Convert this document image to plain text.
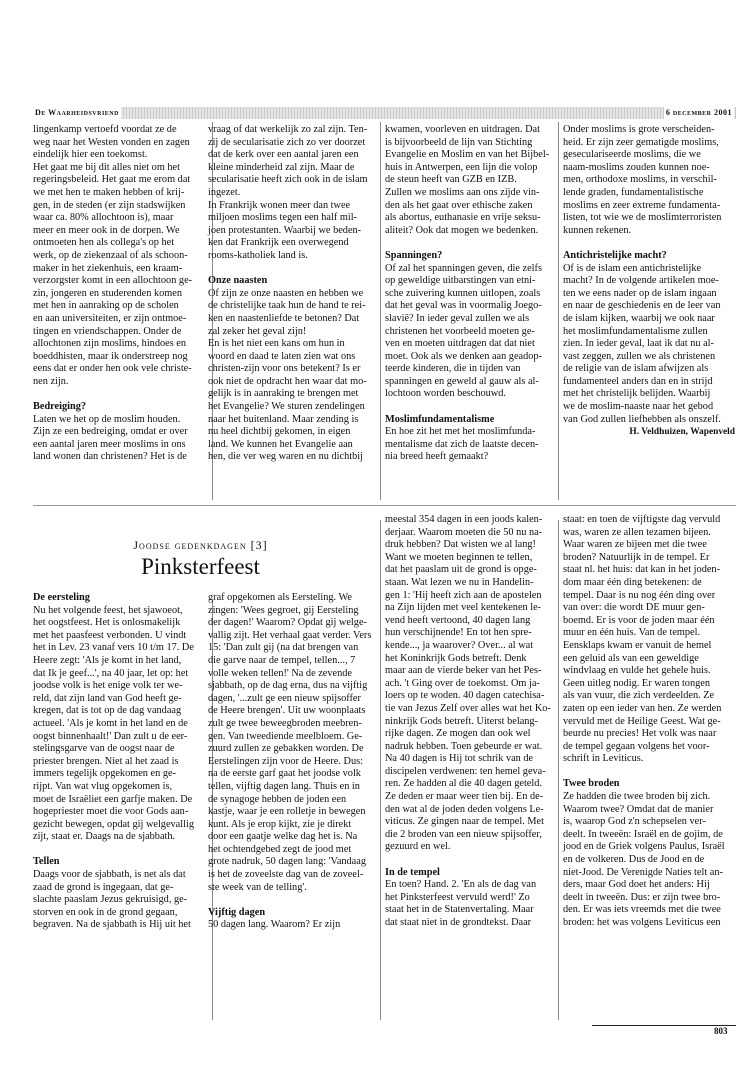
De Waarheidsvriend	6 december 2001

lingenkamp vertoefd voordat ze de

weg naar het Westen vonden en zagen

eindelijk hier een toekomst.

Het gaat me bij dit alles niet om het

regeringsbeleid. Het gaat me erom dat

we met hen te maken hebben of krij-

gen, in de steden (er zijn stadswijken

waar ca. 80% allochtoon is), maar

meer en meer ook in de dorpen. We

ontmoeten hen als collega's op het

werk, op de ziekenzaal of als schoon-

maker in het ziekenhuis, een kraam-

verzorgster komt in een allochtoon ge-

zin, jongeren en studerenden komen

met hen in aanraking op de scholen

en aan universiteiten, er zijn ontmoe-

tingen en vriendschappen. Onder de

allochtonen zijn moslims, hindoes en

boeddhisten, maar ik onderstreep nog

eens dat er onder hen ook vele christe-

nen zijn.

Bedreiging?

Laten we het op de moslim houden.

Zijn ze een bedreiging, omdat er over

een aantal jaren meer moslims in ons

land wonen dan christenen? Het is de

vraag of dat werkelijk zo zal zijn. Ten-

zij de secularisatie zich zo ver doorzet

dat de kerk over een aantal jaren een

kleine minderheid zal zijn. Maar de

secularisatie heeft zich ook in de islam

ingezet.

In Frankrijk wonen meer dan twee

miljoen moslims tegen een half mil-

joen protestanten. Waarbij we beden-

ken dat Frankrijk een overwegend

rooms-katholiek land is.

Onze naasten

Of zijn ze onze naasten en hebben we

de christelijke taak hun de hand te rei-

ken en naastenliefde te betonen? Dat

zal zeker het geval zijn!

En is het niet een kans om hun in

woord en daad te laten zien wat ons

christen-zijn voor ons betekent? Is er

ook niet de opdracht hen waar dat mo-

gelijk is in aanraking te brengen met

het Evangelie? We sturen zendelingen

naar het buitenland. Maar zending is

nu heel dichtbij gekomen, in eigen

land. We kunnen het Evangelie aan

hen, die ver weg waren en nu dichtbij

kwamen, voorleven en uitdragen. Dat

is bijvoorbeeld de lijn van Stichting

Evangelie en Moslim en van het Bijbel-

huis in Antwerpen, een lijn die volop

de steun heeft van GZB en IZB.

Zullen we moslims aan ons zijde vin-

den als het gaat over ethische zaken

als abortus, euthanasie en vrije seksu-

aliteit? Ook dat mogen we bedenken.

Spanningen?

Of zal het spanningen geven, die zelfs

op geweldige uitbarstingen van etni-

sche zuivering kunnen uitlopen, zoals

dat het geval was in voormalig Joego-

slavië? In ieder geval zullen we als

christenen het voorbeeld moeten ge-

ven en moeten uitdragen dat dat niet

moet. Ook als we denken aan geadop-

teerde kinderen, die in tijden van

spanningen en geweld al gauw als al-

lochtoon worden beschouwd.

Moslimfundamentalisme

En hoe zit het met het moslimfunda-

mentalisme dat zich de laatste decen-

nia breed heeft gemaakt?

Onder moslims is grote verscheiden-

heid. Er zijn zeer gematigde moslims,

geseculariseerde moslims, die we

naam-moslims zouden kunnen noe-

men, orthodoxe moslims, in verschil-

lende graden, fundamentalistische

moslims en zeer extreme fundamenta-

listen, tot wie we de moslimterroristen

kunnen rekenen.

Antichristelijke macht?

Of is de islam een antichristelijke

macht? In de volgende artikelen moe-

ten we eens nader op de islam ingaan

en naar de geschiedenis en de leer van

de islam kijken, waarbij we ook naar

het moslimfundamentalisme zullen

zien. In ieder geval, laat ik dat nu al-

vast zeggen, zullen we als christenen

de religie van de islam afwijzen als

fundamenteel anders dan en in strijd

met het christelijk belijden. Waarbij

we de moslim-naaste naar het gebod

van God zullen liefhebben als onszelf.

H. Veldhuizen, Wapenveld
Joodse gedenkdagen [3]
Pinksterfeest
De eersteling

Nu het volgende feest, het sjawoeot,

het oogstfeest. Het is onlosmakelijk

met het paasfeest verbonden. U vindt

het in Lev. 23 vanaf vers 10 t/m 17. De

Heere zegt: 'Als je komt in het land,

dat Ik je geef...', na 40 jaar, let op: het

joodse volk is het enige volk ter we-

reld, dat zijn land van God heeft ge-

kregen, dat is tot op de dag vandaag

actueel. 'Als je komt in het land en de

oogst binnenhaalt!' Dan zult u de eer-

stelingsgarve van de oogst naar de

priester brengen. Niet al het zaad is

immers tegelijk opgekomen en ge-

rijpt. Van wat vlug opgekomen is,

moet de Israëliet een garfje maken. De

hogepriester moet die voor Gods aan-

gezicht bewegen, opdat gij welgevallig

zijt, staat er. Daags na de sjabbath.

Tellen

Daags voor de sjabbath, is net als dat

zaad de grond is ingegaan, dat ge-

slachte paaslam Jezus gekruisigd, ge-

storven en ook in de grond gegaan,

begraven. Na de sjabbath is Hij uit het

graf opgekomen als Eersteling. We

zingen: 'Wees gegroet, gij Eersteling

der dagen!' Waarom? Opdat gij welge-

vallig zijt. Het verhaal gaat verder. Vers

15: 'Dan zult gij (na dat brengen van

die garve naar de tempel, tellen..., 7

volle weken tellen!' Na de zevende

sjabbath, op de dag erna, dus na vijftig

dagen, '...zult ge een nieuw spijsoffer

de Heere brengen'. Uit uw woonplaats

zult ge twee beweegbroden meebren-

gen. Van tweediende meelbloem. Ge-

zuurd zullen ze gebakken worden. De

Eerstelingen zijn voor de Heere. Dus:

na de eerste garf gaat het joodse volk

tellen, vijftig dagen lang. Thuis en in

de synagoge hebben de joden een

kastje, waar je een rolletje in bewegen

kunt. Als je erop kijkt, zie je direkt

door een gaatje welke dag het is. Na

het ochtendgebed zegt de jood met

grote nadruk, 50 dagen lang: 'Vandaag

is het de zoveelste dag van de zoveel-

ste week van de telling'.

Vijftig dagen

50 dagen lang. Waarom? Er zijn

meestal 354 dagen in een joods kalen-

derjaar. Waarom moeten die 50 nu na-

druk hebben? Dat wisten we al lang!

Want we moeten beginnen te tellen,

dat het paaslam uit de grond is opge-

staan. Wat lezen we nu in Handelin-

gen 1: 'Hij heeft zich aan de apostelen

na Zijn lijden met veel kentekenen le-

vend heeft vertoond, 40 dagen lang

hun verschijnende! En tot hen spre-

kende..., ja waarover? Over... al wat

het Koninkrijk Gods betreft. Denk

maar aan de vierde beker van het Pes-

ach. 't Ging over de toekomst. Om ja-

loers op te woden. 40 dagen catechisa-

tie van Jezus Zelf over alles wat het Ko-

ninkrijk Gods betreft. Uiterst belang-

rijke dagen. Ze mogen dan ook wel

nadruk hebben. Toen gebeurde er wat.

Na 40 dagen is Hij tot schrik van de

discipelen verdwenen: ten hemel geva-

ren. Ze hadden al die 40 dagen geteld.

Ze deden er maar weer tien bij. En de-

den wat al de joden deden volgens Le-

viticus. Ze gingen naar de tempel. Met

die 2 broden van een nieuw spijsoffer,

gezuurd en wel.

In de tempel

En toen? Hand. 2. 'En als de dag van

het Pinksterfeest vervuld werd!' Zo

staat het in de Statenvertaling. Maar

dat staat niet in de grondtekst. Daar

staat: en toen de vijftigste dag vervuld

was, waren ze allen tezamen bijeen.

Waar waren ze bijeen met die twee

broden? Natuurlijk in de tempel. Er

staat nl. het huis: dat kan in het joden-

dom maar één ding betekenen: de

tempel. Daar is nu nog één ding over

van over: die wordt DE muur gen-

boemd. Er is voor de joden maar één

muur en één huis. Van de tempel.

Eensklaps kwam er vanuit de hemel

een geluid als van een geweldige

windvlaag en vulde het gehele huis.

Geen uitleg nodig. Er waren tongen

als van vuur, die zich verdeelden. Ze

zaten op een ieder van hen. Ze werden

vervuld met de Heilige Geest. Wat ge-

beurde nu precies! Het volk was naar

de tempel gegaan volgens het voor-

schrift in Leviticus.

Twee broden

Ze hadden die twee broden bij zich.

Waarom twee? Omdat dat de manier

is, waarop God z'n schepselen ver-

deelt. In tweeën: Israël en de gojim, de

jood en de Griek volgens Paulus, Israël

en de volkeren. Dus de Jood en de

niet-Jood. De Verenigde Naties telt an-

ders, maar God doet het anders: Hij

deelt in tweeën. Dus: er zijn twee bro-

den. Er was iets vreemds met die twee

broden: het was volgens Leviticus een

803
